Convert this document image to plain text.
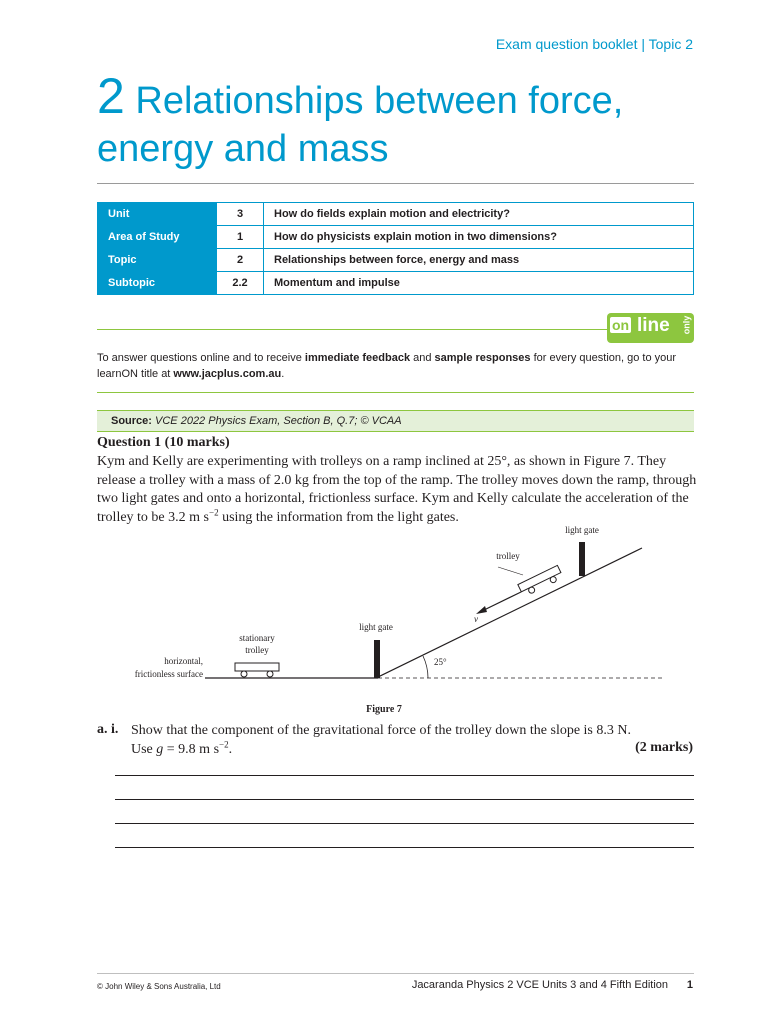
Exam question booklet | Topic 2
2 Relationships between force, energy and mass
Unit	3	How do fields explain motion and electricity?
Area of Study	1	How do physicists explain motion in two dimensions?
Topic	2	Relationships between force, energy and mass
Subtopic	2.2	Momentum and impulse
on line only
To answer questions online and to receive immediate feedback and sample responses for every question, go to your learnON title at www.jacplus.com.au.
Source: VCE 2022 Physics Exam, Section B, Q.7; © VCAA
Question 1 (10 marks)
Kym and Kelly are experimenting with trolleys on a ramp inclined at 25°, as shown in Figure 7. They release a trolley with a mass of 2.0 kg from the top of the ramp. The trolley moves down the ramp, through two light gates and onto a horizontal, frictionless surface. Kym and Kelly calculate the acceleration of the trolley to be 3.2 m $s^{-2}$ using the information from the light gates.
25°
light gate
light gate
trolley
v
stationary
trolley
horizontal,
frictionless surface
Figure 7
a. i. Show that the component of the gravitational force of the trolley down the slope is 8.3 N.
Use g = 9.8 m $s^{-2}$.	(2 marks)
© John Wiley & Sons Australia, Ltd	Jacaranda Physics 2 VCE Units 3 and 4 Fifth Edition 1
